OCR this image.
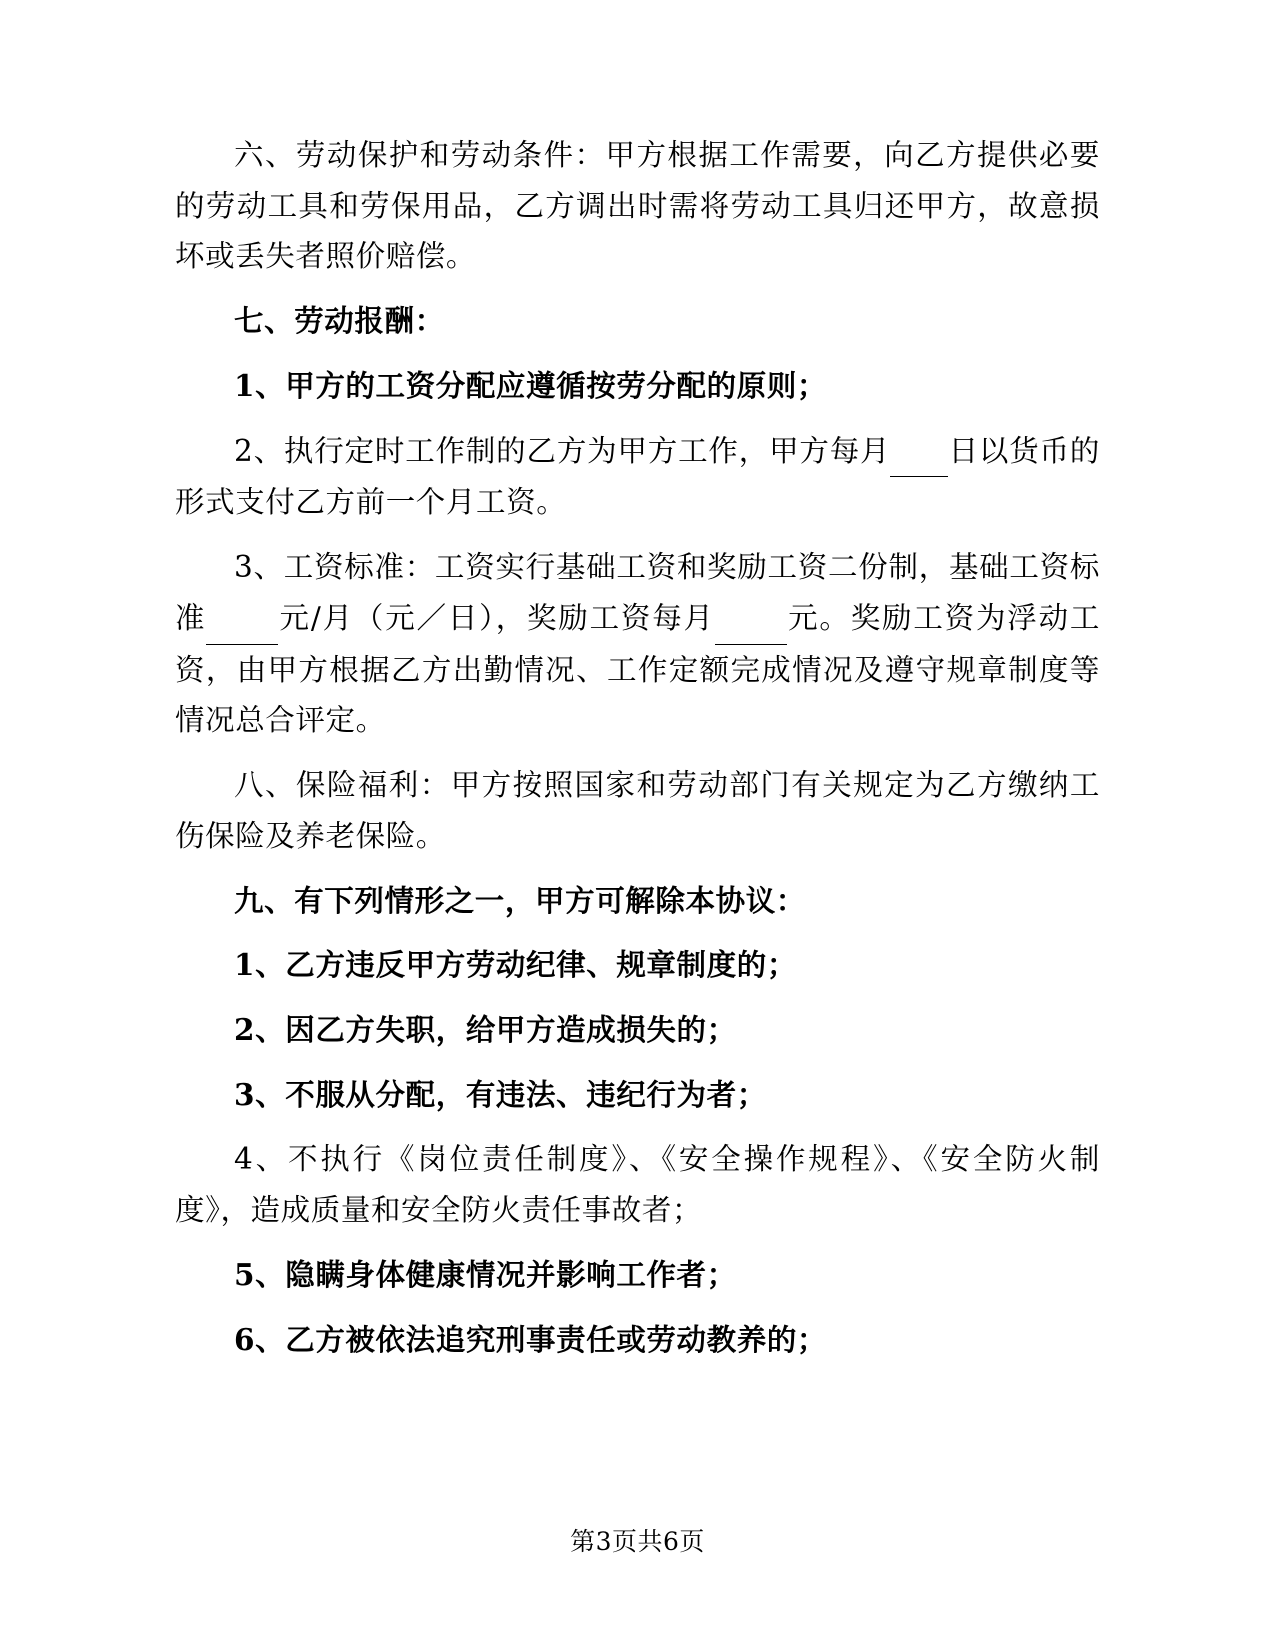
六、劳动保护和劳动条件：甲方根据工作需要，向乙方提供必要的劳动工具和劳保用品，乙方调出时需将劳动工具归还甲方，故意损坏或丢失者照价赔偿。
七、劳动报酬：
1、甲方的工资分配应遵循按劳分配的原则；
2、执行定时工作制的乙方为甲方工作，甲方每月 日以货币的形式支付乙方前一个月工资。
3、工资标准：工资实行基础工资和奖励工资二份制，基础工资标准 元/月（元／日），奖励工资每月 元。奖励工资为浮动工资，由甲方根据乙方出勤情况、工作定额完成情况及遵守规章制度等情况总合评定。
八、保险福利：甲方按照国家和劳动部门有关规定为乙方缴纳工伤保险及养老保险。
九、有下列情形之一，甲方可解除本协议：
1、乙方违反甲方劳动纪律、规章制度的；
2、因乙方失职，给甲方造成损失的；
3、不服从分配，有违法、违纪行为者；
4、不执行《岗位责任制度》、《安全操作规程》、《安全防火制度》，造成质量和安全防火责任事故者；
5、隐瞒身体健康情况并影响工作者；
6、乙方被依法追究刑事责任或劳动教养的；
第3页共6页
